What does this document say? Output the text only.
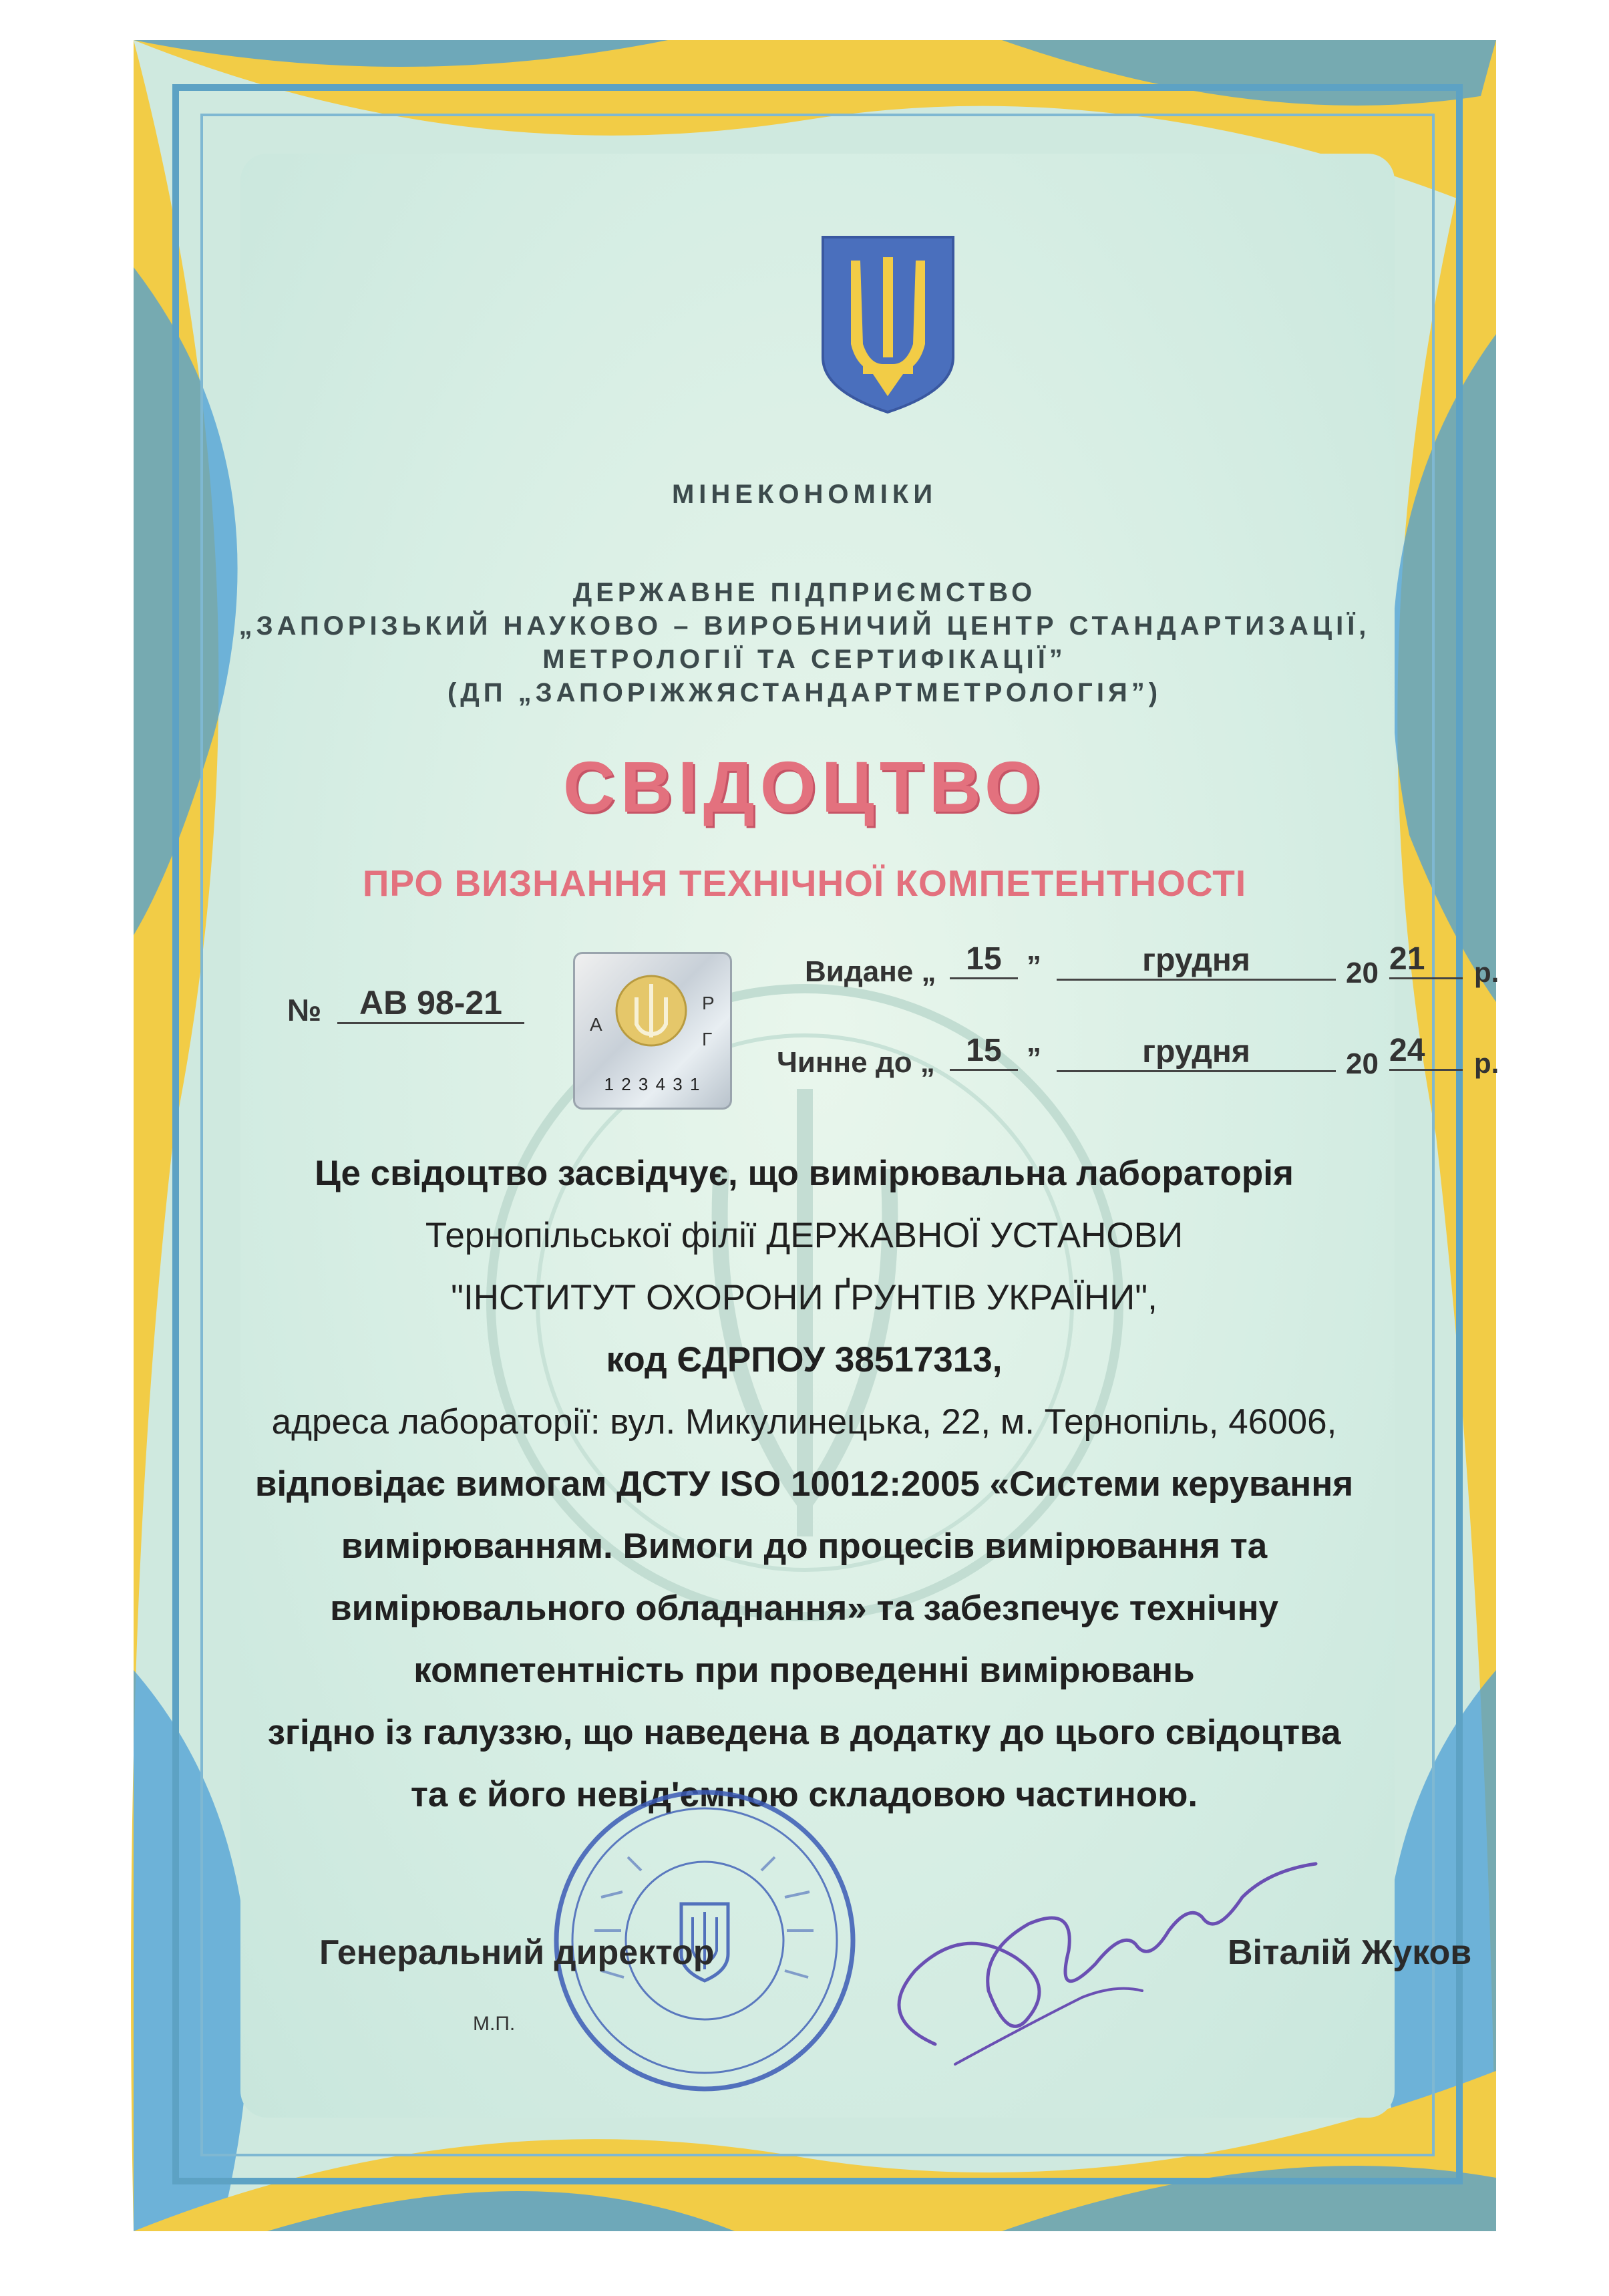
МІНЕКОНОМІКИ
ДЕРЖАВНЕ ПІДПРИЄМСТВО
„ЗАПОРІЗЬКИЙ НАУКОВО – ВИРОБНИЧИЙ ЦЕНТР СТАНДАРТИЗАЦІЇ,
МЕТРОЛОГІЇ ТА СЕРТИФІКАЦІЇ”
(ДП „ЗАПОРІЖЖЯСТАНДАРТМЕТРОЛОГІЯ”)
СВІДОЦТВО
ПРО ВИЗНАННЯ ТЕХНІЧНОЇ КОМПЕТЕНТНОСТІ
№	АВ 98-21
А
Р
Г
1 2 3 4 3 1
Видане „ 15 ”	грудня	20 21	р.
Чинне до „ 15 ”	грудня	20 24	р.
Це свідоцтво засвідчує, що вимірювальна лабораторія
Тернопільської філії ДЕРЖАВНОЇ УСТАНОВИ
"ІНСТИТУТ ОХОРОНИ ҐРУНТІВ УКРАЇНИ",
код ЄДРПОУ 38517313,
адреса лабораторії: вул. Микулинецька, 22, м. Тернопіль, 46006,
відповідає вимогам ДСТУ ISO 10012:2005 «Системи керування
вимірюванням. Вимоги до процесів вимірювання та
вимірювального обладнання» та забезпечує технічну
компетентність при проведенні вимірювань
згідно із галуззю, що наведена в додатку до цього свідоцтва
та є його невід'ємною складовою частиною.
Генеральний директор	Віталій Жуков
М.П.
